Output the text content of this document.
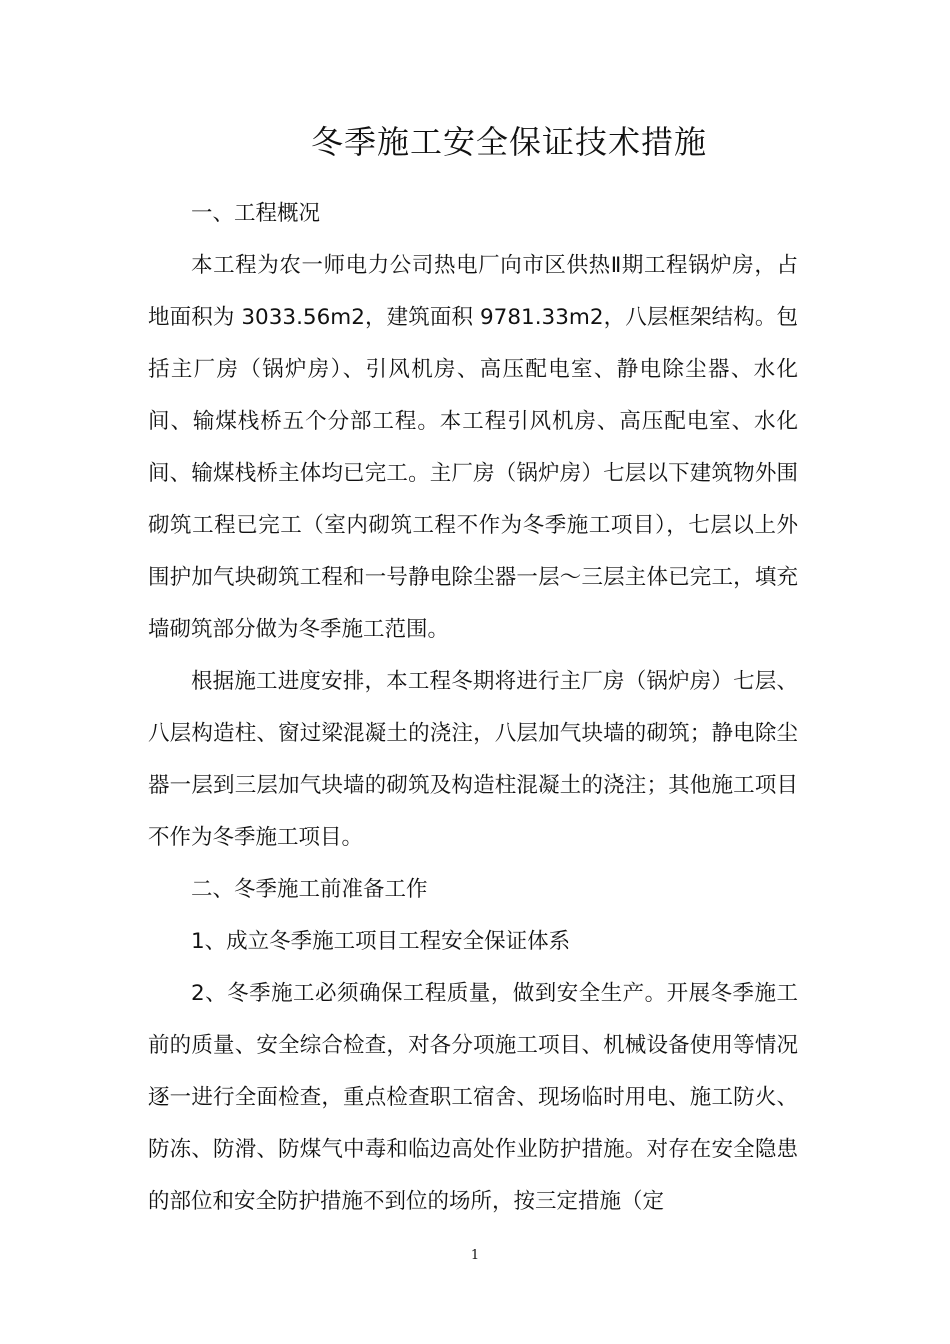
冬季施工安全保证技术措施

一、工程概况

本工程为农一师电力公司热电厂向市区供热Ⅱ期工程锅炉房，占地面积为 3033.56m2，建筑面积 9781.33m2，八层框架结构。包括主厂房（锅炉房）、引风机房、高压配电室、静电除尘器、水化间、输煤栈桥五个分部工程。本工程引风机房、高压配电室、水化间、输煤栈桥主体均已完工。主厂房（锅炉房）七层以下建筑物外围砌筑工程已完工（室内砌筑工程不作为冬季施工项目），七层以上外围护加气块砌筑工程和一号静电除尘器一层～三层主体已完工，填充墙砌筑部分做为冬季施工范围。

根据施工进度安排，本工程冬期将进行主厂房（锅炉房）七层、八层构造柱、窗过梁混凝土的浇注，八层加气块墙的砌筑；静电除尘器一层到三层加气块墙的砌筑及构造柱混凝土的浇注；其他施工项目不作为冬季施工项目。

二、冬季施工前准备工作

1、成立冬季施工项目工程安全保证体系

2、冬季施工必须确保工程质量，做到安全生产。开展冬季施工前的质量、安全综合检查，对各分项施工项目、机械设备使用等情况逐一进行全面检查，重点检查职工宿舍、现场临时用电、施工防火、防冻、防滑、防煤气中毒和临边高处作业防护措施。对存在安全隐患的部位和安全防护措施不到位的场所，按三定措施（定

1
